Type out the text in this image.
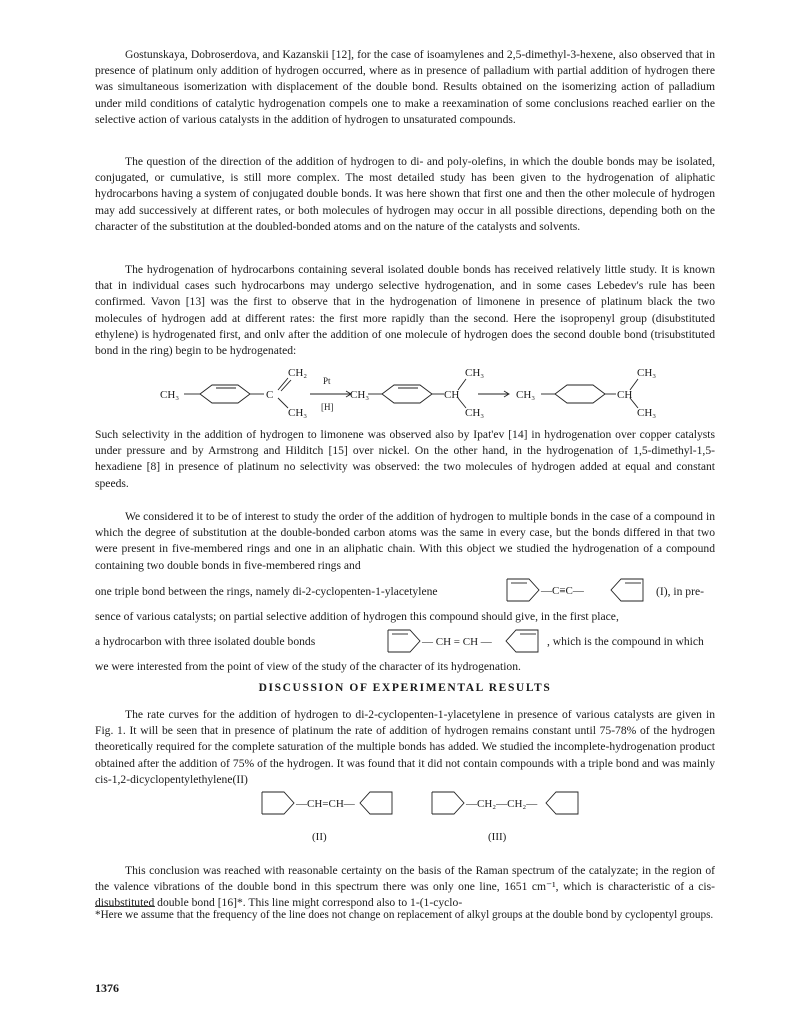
Gostunskaya, Dobroserdova, and Kazanskii [12], for the case of isoamylenes and 2,5-dimethyl-3-hexene, also observed that in presence of platinum only addition of hydrogen occurred, where as in presence of palladium with partial addition of hydrogen there was simultaneous isomerization with displacement of the double bond. Results obtained on the isomerizing action of palladium under mild conditions of catalytic hydrogenation compels one to make a reexamination of some conclusions reached earlier on the selective action of various catalysts in the addition of hydrogen to unsaturated compounds.

The question of the direction of the addition of hydrogen to di- and poly-olefins, in which the double bonds may be isolated, conjugated, or cumulative, is still more complex. The most detailed study has been given to the hydrogenation of aliphatic hydrocarbons having a system of conjugated double bonds. It was here shown that first one and then the other molecule of hydrogen may add successively at different rates, or both molecules of hydrogen may occur in all possible directions, depending both on the character of the substitution at the doubled-bonded atoms and on the nature of the catalysts and solvents.

The hydrogenation of hydrocarbons containing several isolated double bonds has received relatively little study. It is known that in individual cases such hydrocarbons may undergo selective hydrogenation, and in some cases Lebedev's rule has been confirmed. Vavon [13] was the first to observe that in the hydrogenation of limonene in presence of platinum black the two molecules of hydrogen add at different rates: the first more rapidly than the second. Here the isopropenyl group (disubstituted ethylene) is hydrogenated first, and onlv after the addition of one molecule of hydrogen does the second double bond (trisubstituted bond in the ring) begin to be hydrogenated:

CH₃	C
CH₂
CH₃
Pt
[H]
CH₃	CH
CH₃
CH₃
CH₃	CH
CH₃
CH₃

Such selectivity in the addition of hydrogen to limonene was observed also by Ipat'ev [14] in hydrogenation over copper catalysts under pressure and by Armstrong and Hilditch [15] over nickel. On the other hand, in the hydrogenation of 1,5-dimethyl-1,5-hexadiene [8] in presence of platinum no selectivity was observed: the two molecules of hydrogen added at equal and constant speeds.

We considered it to be of interest to study the order of the addition of hydrogen to multiple bonds in the case of a compound in which the degree of substitution at the double-bonded carbon atoms was the same in every case, but the bonds differed in that two were present in five-membered rings and one in an aliphatic chain. With this object we studied the hydrogenation of a compound containing two double bonds in five-membered rings and

one triple bond between the rings, namely di-2-cyclopenten-1-ylacetylene	—C≡C—	(I), in pre-

sence of various catalysts; on partial selective addition of hydrogen this compound should give, in the first place,

a hydrocarbon with three isolated double bonds	— CH = CH —	, which is the compound in which

we were interested from the point of view of the study of the character of its hydrogenation.

DISCUSSION OF EXPERIMENTAL RESULTS

The rate curves for the addition of hydrogen to di-2-cyclopenten-1-ylacetylene in presence of various catalysts are given in Fig. 1. It will be seen that in presence of platinum the rate of addition of hydrogen remains constant until 75-78% of the hydrogen theoretically required for the complete saturation of the multiple bonds has added. We studied the incomplete-hydrogenation product obtained after the addition of 75% of the hydrogen. It was found that it did not contain compounds with a triple bond and was mainly cis-1,2-dicyclopentylethylene(II)

—CH=CH—	—CH₂—CH₂—
(II)	(III)

This conclusion was reached with reasonable certainty on the basis of the Raman spectrum of the catalyzate; in the region of the valence vibrations of the double bond in this spectrum there was only one line, 1651 cm⁻¹, which is characteristic of a cis-disubstituted double bond [16]*. This line might correspond also to 1-(1-cyclo-

*Here we assume that the frequency of the line does not change on replacement of alkyl groups at the double bond by cyclopentyl groups.

1376
